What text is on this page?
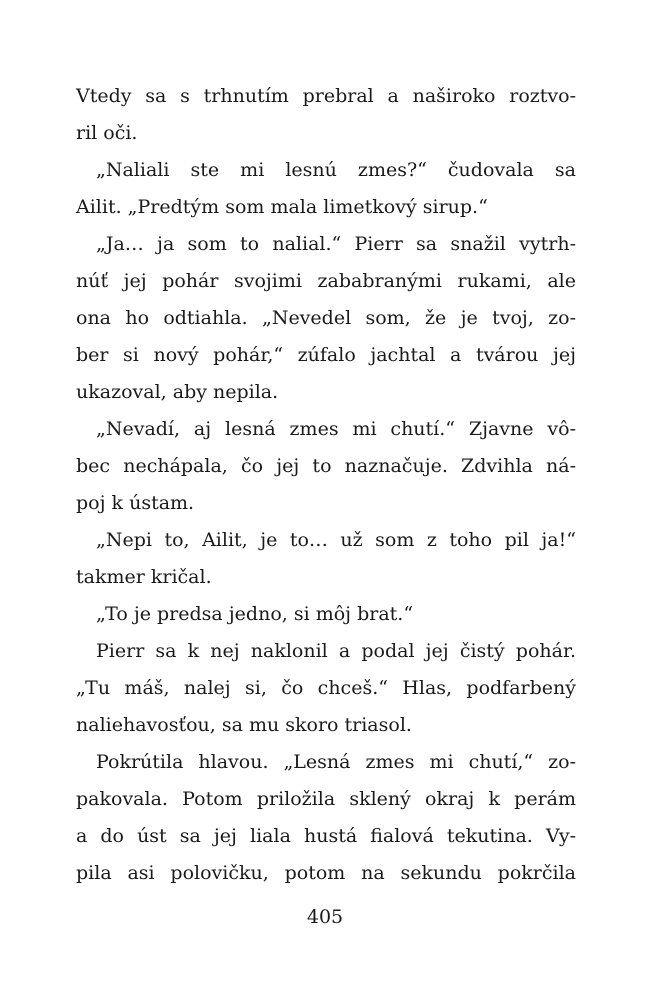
Vtedy sa s trhnutím prebral a naširoko roztvo-

ril oči.

„Naliali ste mi lesnú zmes?“ čudovala sa

Ailit. „Predtým som mala limetkový sirup.“

„Ja… ja som to nalial.“ Pierr sa snažil vytrh-

núť jej pohár svojimi zababranými rukami, ale

ona ho odtiahla. „Nevedel som, že je tvoj, zo-

ber si nový pohár,“ zúfalo jachtal a tvárou jej

ukazoval, aby nepila.

„Nevadí, aj lesná zmes mi chutí.“ Zjavne vô-

bec nechápala, čo jej to naznačuje. Zdvihla ná-

poj k ústam.

„Nepi to, Ailit, je to… už som z toho pil ja!“

takmer kričal.

„To je predsa jedno, si môj brat.“

Pierr sa k nej naklonil a podal jej čistý pohár.

„Tu máš, nalej si, čo chceš.“ Hlas, podfarbený

naliehavosťou, sa mu skoro triasol.

Pokrútila hlavou. „Lesná zmes mi chutí,“ zo-

pakovala. Potom priložila sklený okraj k perám

a do úst sa jej liala hustá fialová tekutina. Vy-

pila asi polovičku, potom na sekundu pokrčila

405
